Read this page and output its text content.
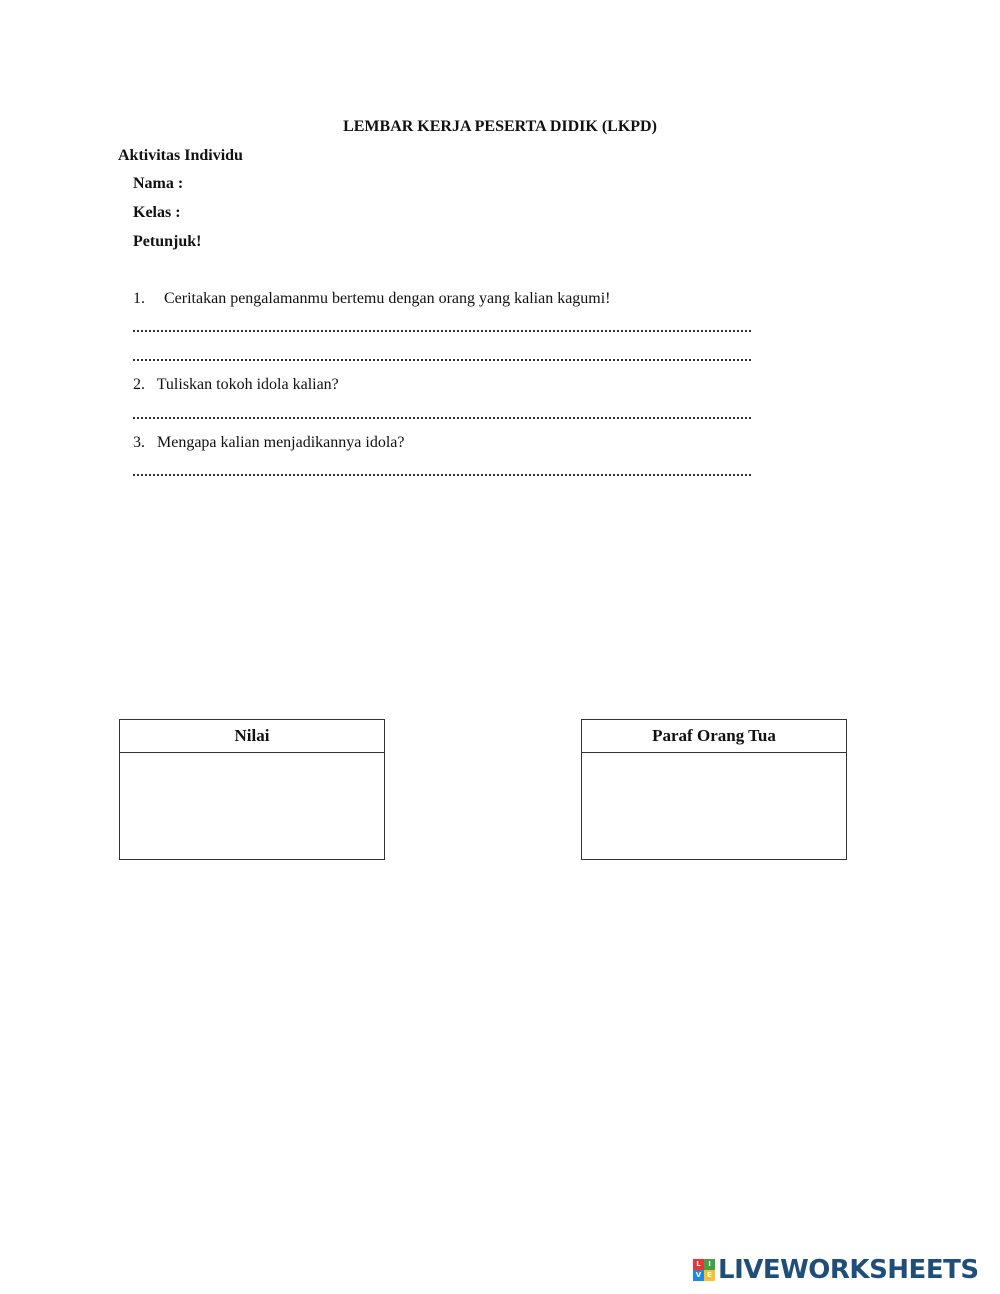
LEMBAR KERJA PESERTA DIDIK (LKPD)
Aktivitas Individu
Nama :
Kelas :
Petunjuk!
1. Ceritakan pengalamanmu bertemu dengan orang yang kalian kagumi!
2. Tuliskan tokoh idola kalian?
3. Mengapa kalian menjadikannya idola?
Nilai	Paraf Orang Tua
L	I
V E LIVEWORKSHEETS
